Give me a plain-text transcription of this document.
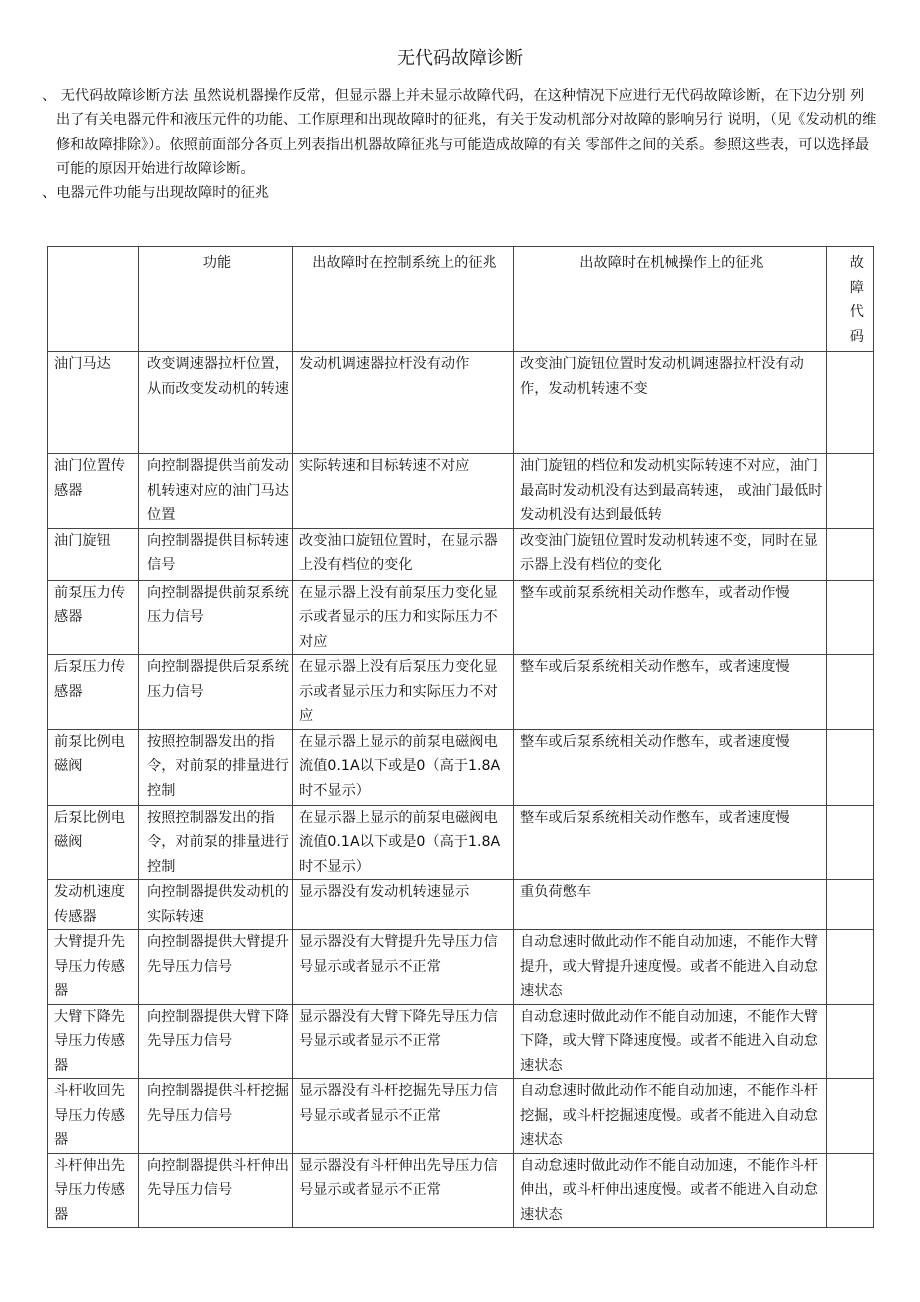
无代码故障诊断

、 无代码故障诊断方法 虽然说机器操作反常，但显示器上并未显示故障代码，在这种情况下应进行无代码故障诊断，在下边分别 列出了有关电器元件和液压元件的功能、工作原理和出现故障时的征兆，有关于发动机部分对故障的影响另行 说明，（见《发动机的维修和故障排除》）。依照前面部分各页上列表指出机器故障征兆与可能造成故障的有关 零部件之间的关系。参照这些表，可以选择最可能的原因开始进行故障诊断。

、电器元件功能与出现故障时的征兆

	功能	出故障时在控制系统上的征兆	出故障时在机械操作上的征兆	故障代码
油门马达	改变调速器拉杆位置，从而改变发动机的转速	发动机调速器拉杆没有动作	改变油门旋钮位置时发动机调速器拉杆没有动作，发动机转速不变	
油门位置传感器	向控制器提供当前发动机转速对应的油门马达位置	实际转速和目标转速不对应	油门旋钮的档位和发动机实际转速不对应，油门最高时发动机没有达到最高转速， 或油门最低时发动机没有达到最低转	
油门旋钮	向控制器提供目标转速信号	改变油口旋钮位置时，在显示器上没有档位的变化	改变油门旋钮位置时发动机转速不变，同时在显示器上没有档位的变化	
前泵压力传感器	向控制器提供前泵系统压力信号	在显示器上没有前泵压力变化显示或者显示的压力和实际压力不对应	整车或前泵系统相关动作憋车，或者动作慢	
后泵压力传感器	向控制器提供后泵系统压力信号	在显示器上没有后泵压力变化显示或者显示压力和实际压力不对应	整车或后泵系统相关动作憋车，或者速度慢	
前泵比例电磁阀	按照控制器发出的指令，对前泵的排量进行控制	在显示器上显示的前泵电磁阀电流值0.1A以下或是0（高于1.8A时不显示）	整车或后泵系统相关动作憋车，或者速度慢	
后泵比例电磁阀	按照控制器发出的指令，对前泵的排量进行控制	在显示器上显示的前泵电磁阀电流值0.1A以下或是0（高于1.8A时不显示）	整车或后泵系统相关动作憋车，或者速度慢	
发动机速度传感器	向控制器提供发动机的实际转速	显示器没有发动机转速显示	重负荷憋车	
大臂提升先导压力传感器	向控制器提供大臂提升先导压力信号	显示器没有大臂提升先导压力信号显示或者显示不正常	自动怠速时做此动作不能自动加速，不能作大臂提升，或大臂提升速度慢。或者不能进入自动怠速状态	
大臂下降先导压力传感器	向控制器提供大臂下降先导压力信号	显示器没有大臂下降先导压力信号显示或者显示不正常	自动怠速时做此动作不能自动加速，不能作大臂下降，或大臂下降速度慢。或者不能进入自动怠速状态	
斗杆收回先导压力传感器	向控制器提供斗杆挖掘先导压力信号	显示器没有斗杆挖掘先导压力信号显示或者显示不正常	自动怠速时做此动作不能自动加速，不能作斗杆挖掘，或斗杆挖掘速度慢。或者不能进入自动怠速状态	
斗杆伸出先导压力传感器	向控制器提供斗杆伸出先导压力信号	显示器没有斗杆伸出先导压力信号显示或者显示不正常	自动怠速时做此动作不能自动加速，不能作斗杆伸出，或斗杆伸出速度慢。或者不能进入自动怠速状态	
